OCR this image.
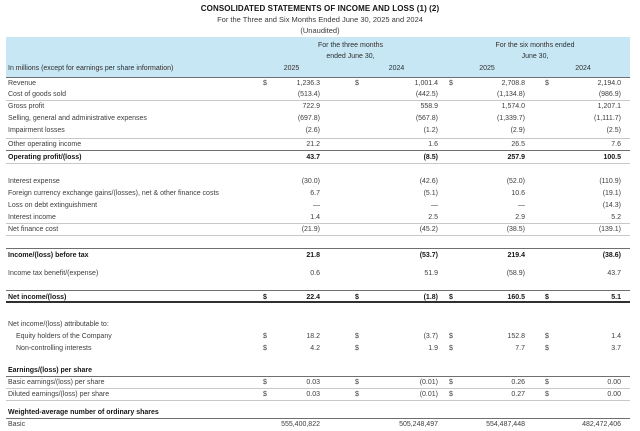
CONSOLIDATED STATEMENTS OF INCOME AND LOSS (1) (2)
For the Three and Six Months Ended June 30, 2025 and 2024
(Unaudited)
For the three months	For the six months ended
ended June 30,	June 30,
In millions (except for earnings per share information)	2025	2024	2025	2024
Revenue	$	1,236.3	$	1,001.4 $	2,708.8	$	2,194.0
Cost of goods sold	(513.4)	(442.5)	(1,134.8)	(986.9)
Gross profit	722.9	558.9	1,574.0	1,207.1
Selling, general and administrative expenses	(697.8)	(567.8)	(1,339.7)	(1,111.7)
Impairment losses	(2.6)	(1.2)	(2.9)	(2.5)
Other operating income	21.2	1.6	26.5	7.6
Operating profit/(loss)	43.7	(8.5)	257.9	100.5
Interest expense	(30.0)	(42.6)	(52.0)	(110.9)
Foreign currency exchange gains/(losses), net & other finance costs	6.7	(5.1)	10.6	(19.1)
Loss on debt extinguishment	—	—	—	(14.3)
Interest income	1.4	2.5	2.9	5.2
Net finance cost	(21.9)	(45.2)	(38.5)	(139.1)
Income/(loss) before tax	21.8	(53.7)	219.4	(38.6)
Income tax benefit/(expense)	0.6	51.9	(58.9)	43.7
Net income/(loss)	$	22.4	$	(1.8) $	160.5	$	5.1
Net income/(loss) attributable to:
Equity holders of the Company	$	18.2	$	(3.7) $	152.8	$	1.4
Non-controlling interests	$	4.2	$	1.9 $	7.7	$	3.7
Earnings/(loss) per share
Basic earnings/(loss) per share	$	0.03	$	(0.01) $	0.26	$	0.00
Diluted earnings/(loss) per share	$	0.03	$	(0.01) $	0.27	$	0.00
Weighted-average number of ordinary shares
Basic	555,400,822	505,248,497	554,487,448	482,472,406
